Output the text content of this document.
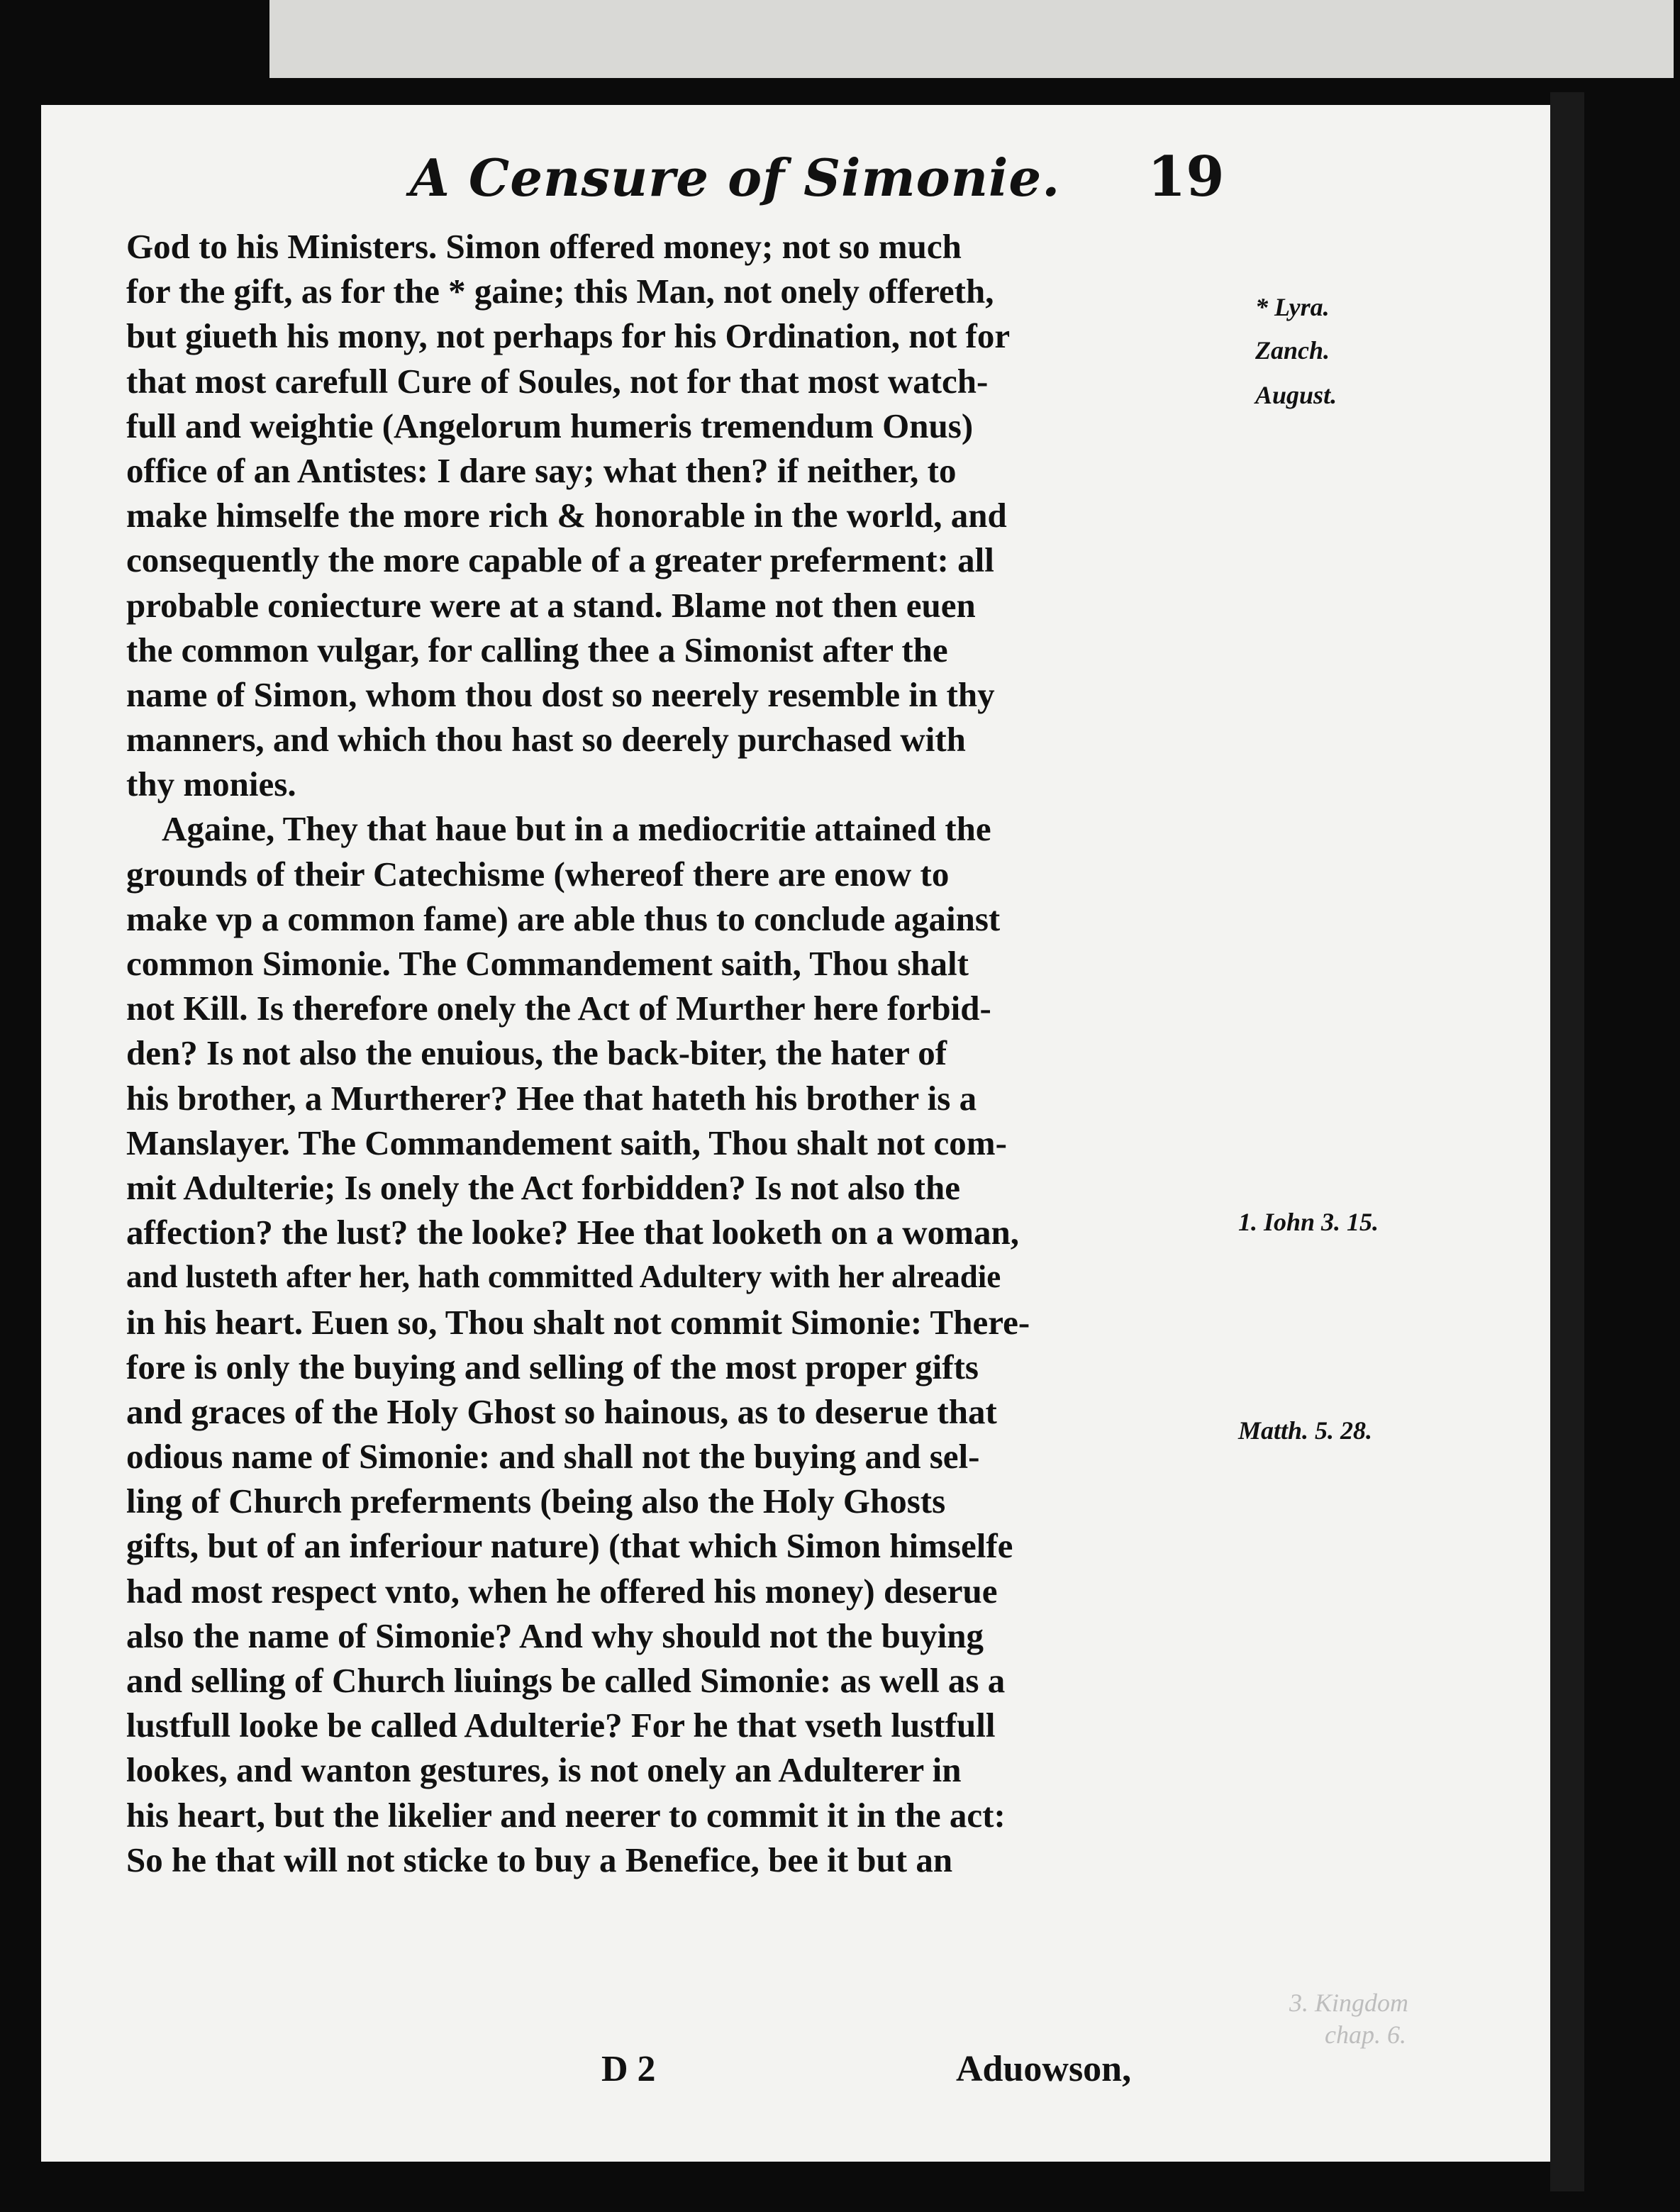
A Censure of Simonie. 19
God to his Ministers. Simon offered money; not so much
for the gift, as for the * gaine; this Man, not onely offereth,
but giueth his mony, not perhaps for his Ordination, not for
that most carefull Cure of Soules, not for that most watch-
full and weightie (Angelorum humeris tremendum Onus)
office of an Antistes: I dare say; what then? if neither, to
make himselfe the more rich & honorable in the world, and
consequently the more capable of a greater preferment: all
probable coniecture were at a stand. Blame not then euen
the common vulgar, for calling thee a Simonist after the
name of Simon, whom thou dost so neerely resemble in thy
manners, and which thou hast so deerely purchased with
thy monies.
Againe, They that haue but in a mediocritie attained the
grounds of their Catechisme (whereof there are enow to
make vp a common fame) are able thus to conclude against
common Simonie. The Commandement saith, Thou shalt
not Kill. Is therefore onely the Act of Murther here forbid-
den? Is not also the enuious, the back-biter, the hater of
his brother, a Murtherer? Hee that hateth his brother is a
Manslayer. The Commandement saith, Thou shalt not com-
mit Adulterie; Is onely the Act forbidden? Is not also the
affection? the lust? the looke? Hee that looketh on a woman,
and lusteth after her, hath committed Adultery with her alreadie
in his heart. Euen so, Thou shalt not commit Simonie: There-
fore is only the buying and selling of the most proper gifts
and graces of the Holy Ghost so hainous, as to deserue that
odious name of Simonie: and shall not the buying and sel-
ling of Church preferments (being also the Holy Ghosts
gifts, but of an inferiour nature) (that which Simon himselfe
had most respect vnto, when he offered his money) deserue
also the name of Simonie? And why should not the buying
and selling of Church liuings be called Simonie: as well as a
lustfull looke be called Adulterie? For he that vseth lustfull
lookes, and wanton gestures, is not onely an Adulterer in
his heart, but the likelier and neerer to commit it in the act:
So he that will not sticke to buy a Benefice, bee it but an
* Lyra.
Zanch.
August.
1. Iohn 3. 15.
Matth. 5. 28.
3. Kingdom
chap. 6.
D 2	Aduowson,
